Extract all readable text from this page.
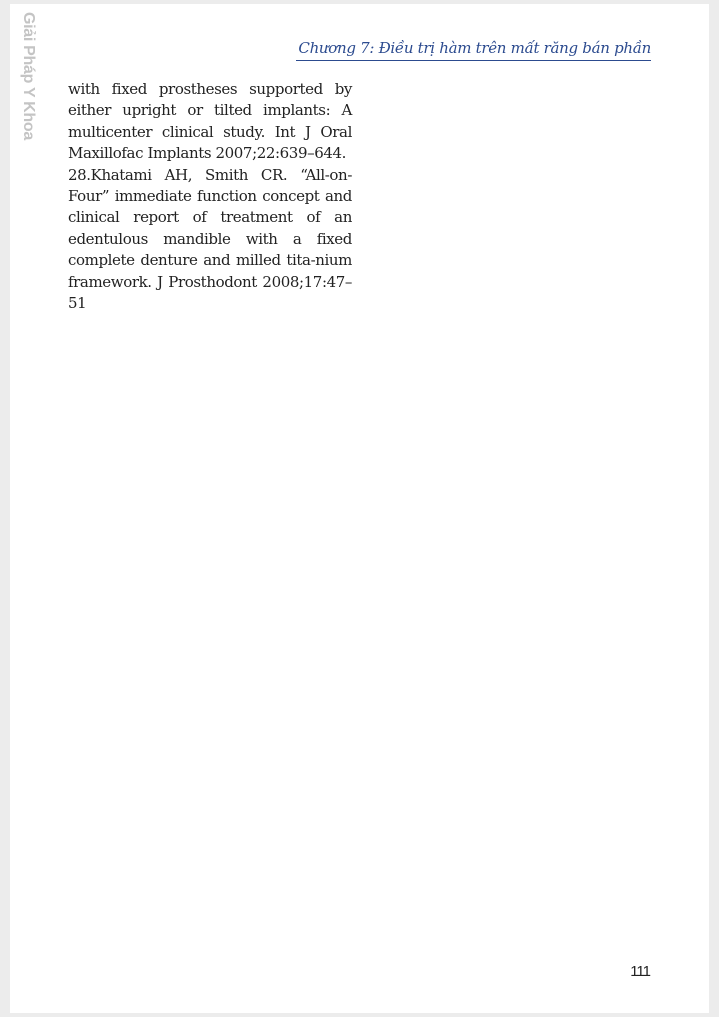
Giải Pháp Y Khoa	Chương 7: Điều trị hàm trên mất răng bán phần

with fixed prostheses supported by either upright or tilted implants: A multicenter clinical study. Int J Oral Maxillofac Implants 2007;22:639–644.

28.Khatami AH, Smith CR. “All-on-Four” immediate function concept and clinical report of treatment of an edentulous mandible with a fixed complete denture and milled tita-nium framework. J Prosthodont 2008;17:47–51

111
